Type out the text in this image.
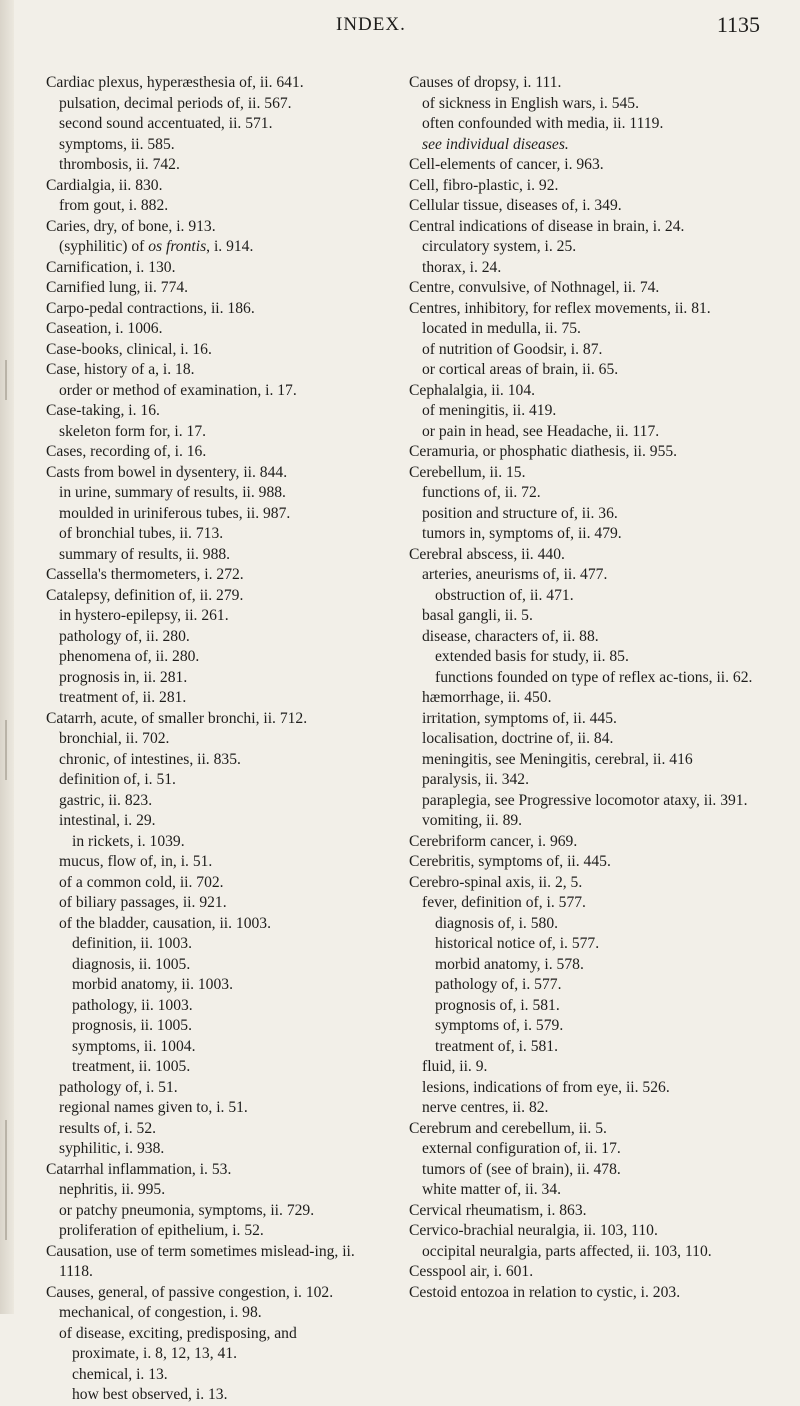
INDEX.	1135

Cardiac plexus, hyperæsthesia of, ii. 641.

pulsation, decimal periods of, ii. 567.

second sound accentuated, ii. 571.

symptoms, ii. 585.

thrombosis, ii. 742.

Cardialgia, ii. 830.

from gout, i. 882.

Caries, dry, of bone, i. 913.

(syphilitic) of os frontis, i. 914.

Carnification, i. 130.

Carnified lung, ii. 774.

Carpo-pedal contractions, ii. 186.

Caseation, i. 1006.

Case-books, clinical, i. 16.

Case, history of a, i. 18.

order or method of examination, i. 17.

Case-taking, i. 16.

skeleton form for, i. 17.

Cases, recording of, i. 16.

Casts from bowel in dysentery, ii. 844.

in urine, summary of results, ii. 988.

moulded in uriniferous tubes, ii. 987.

of bronchial tubes, ii. 713.

summary of results, ii. 988.

Cassella's thermometers, i. 272.

Catalepsy, definition of, ii. 279.

in hystero-epilepsy, ii. 261.

pathology of, ii. 280.

phenomena of, ii. 280.

prognosis in, ii. 281.

treatment of, ii. 281.

Catarrh, acute, of smaller bronchi, ii. 712.

bronchial, ii. 702.

chronic, of intestines, ii. 835.

definition of, i. 51.

gastric, ii. 823.

intestinal, i. 29.

in rickets, i. 1039.

mucus, flow of, in, i. 51.

of a common cold, ii. 702.

of biliary passages, ii. 921.

of the bladder, causation, ii. 1003.

definition, ii. 1003.

diagnosis, ii. 1005.

morbid anatomy, ii. 1003.

pathology, ii. 1003.

prognosis, ii. 1005.

symptoms, ii. 1004.

treatment, ii. 1005.

pathology of, i. 51.

regional names given to, i. 51.

results of, i. 52.

syphilitic, i. 938.

Catarrhal inflammation, i. 53.

nephritis, ii. 995.

or patchy pneumonia, symptoms, ii. 729.

proliferation of epithelium, i. 52.

Causation, use of term sometimes mislead-ing, ii. 1118.

Causes, general, of passive congestion, i. 102.

mechanical, of congestion, i. 98.

of disease, exciting, predisposing, and proximate, i. 8, 12, 13, 41.

chemical, i. 13.

how best observed, i. 13.

Causes of dropsy, i. 111.

of sickness in English wars, i. 545.

often confounded with media, ii. 1119.

see individual diseases.

Cell-elements of cancer, i. 963.

Cell, fibro-plastic, i. 92.

Cellular tissue, diseases of, i. 349.

Central indications of disease in brain, i. 24.

circulatory system, i. 25.

thorax, i. 24.

Centre, convulsive, of Nothnagel, ii. 74.

Centres, inhibitory, for reflex movements, ii. 81.

located in medulla, ii. 75.

of nutrition of Goodsir, i. 87.

or cortical areas of brain, ii. 65.

Cephalalgia, ii. 104.

of meningitis, ii. 419.

or pain in head, see Headache, ii. 117.

Ceramuria, or phosphatic diathesis, ii. 955.

Cerebellum, ii. 15.

functions of, ii. 72.

position and structure of, ii. 36.

tumors in, symptoms of, ii. 479.

Cerebral abscess, ii. 440.

arteries, aneurisms of, ii. 477.

obstruction of, ii. 471.

basal gangli, ii. 5.

disease, characters of, ii. 88.

extended basis for study, ii. 85.

functions founded on type of reflex ac-tions, ii. 62.

hæmorrhage, ii. 450.

irritation, symptoms of, ii. 445.

localisation, doctrine of, ii. 84.

meningitis, see Meningitis, cerebral, ii. 416

paralysis, ii. 342.

paraplegia, see Progressive locomotor ataxy, ii. 391.

vomiting, ii. 89.

Cerebriform cancer, i. 969.

Cerebritis, symptoms of, ii. 445.

Cerebro-spinal axis, ii. 2, 5.

fever, definition of, i. 577.

diagnosis of, i. 580.

historical notice of, i. 577.

morbid anatomy, i. 578.

pathology of, i. 577.

prognosis of, i. 581.

symptoms of, i. 579.

treatment of, i. 581.

fluid, ii. 9.

lesions, indications of from eye, ii. 526.

nerve centres, ii. 82.

Cerebrum and cerebellum, ii. 5.

external configuration of, ii. 17.

tumors of (see of brain), ii. 478.

white matter of, ii. 34.

Cervical rheumatism, i. 863.

Cervico-brachial neuralgia, ii. 103, 110.

occipital neuralgia, parts affected, ii. 103, 110.

Cesspool air, i. 601.

Cestoid entozoa in relation to cystic, i. 203.
